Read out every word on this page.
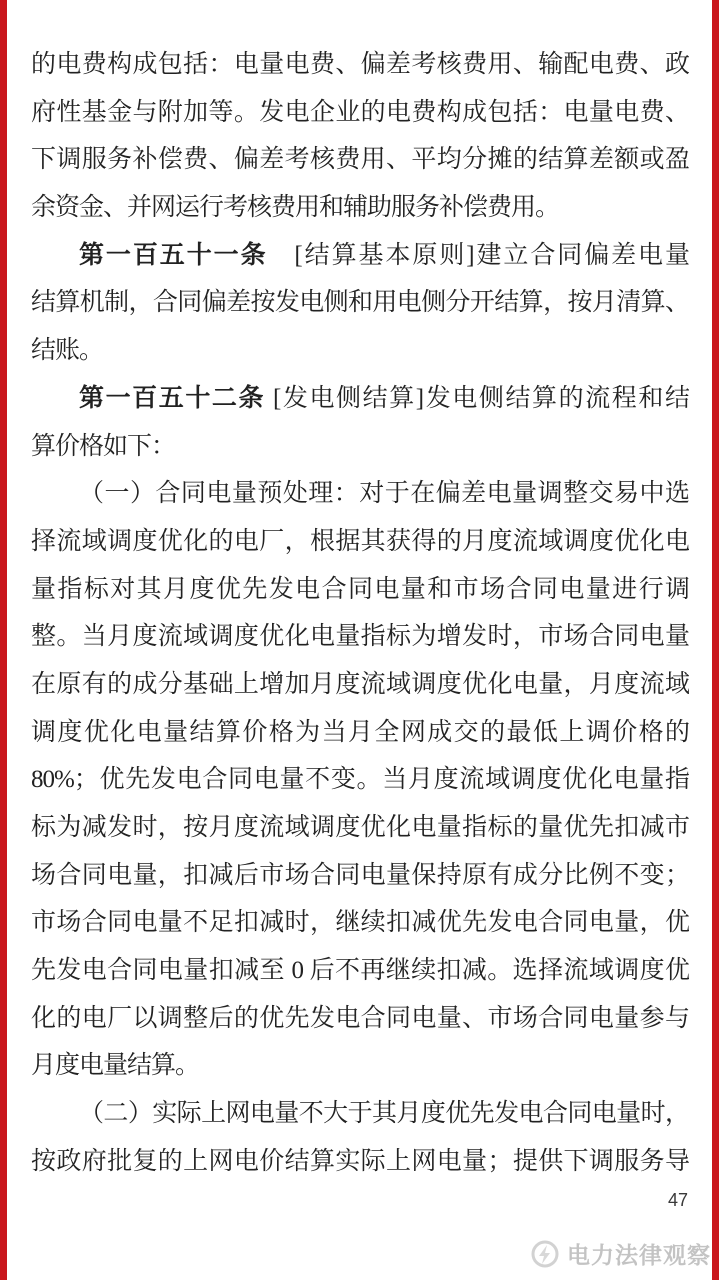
的电费构成包括：电量电费、偏差考核费用、输配电费、政
府性基金与附加等。发电企业的电费构成包括：电量电费、
下调服务补偿费、偏差考核费用、平均分摊的结算差额或盈
余资金、并网运行考核费用和辅助服务补偿费用。
第一百五十一条　[结算基本原则]建立合同偏差电量
结算机制，合同偏差按发电侧和用电侧分开结算，按月清算、
结账。
第一百五十二条 [发电侧结算]发电侧结算的流程和结
算价格如下：
（一）合同电量预处理：对于在偏差电量调整交易中选
择流域调度优化的电厂，根据其获得的月度流域调度优化电
量指标对其月度优先发电合同电量和市场合同电量进行调
整。当月度流域调度优化电量指标为增发时，市场合同电量
在原有的成分基础上增加月度流域调度优化电量，月度流域
调度优化电量结算价格为当月全网成交的最低上调价格的
80%；优先发电合同电量不变。当月度流域调度优化电量指
标为减发时，按月度流域调度优化电量指标的量优先扣减市
场合同电量，扣减后市场合同电量保持原有成分比例不变；
市场合同电量不足扣减时，继续扣减优先发电合同电量，优
先发电合同电量扣减至 0 后不再继续扣减。选择流域调度优
化的电厂以调整后的优先发电合同电量、市场合同电量参与
月度电量结算。
（二）实际上网电量不大于其月度优先发电合同电量时，
按政府批复的上网电价结算实际上网电量；提供下调服务导
47
电力法律观察
